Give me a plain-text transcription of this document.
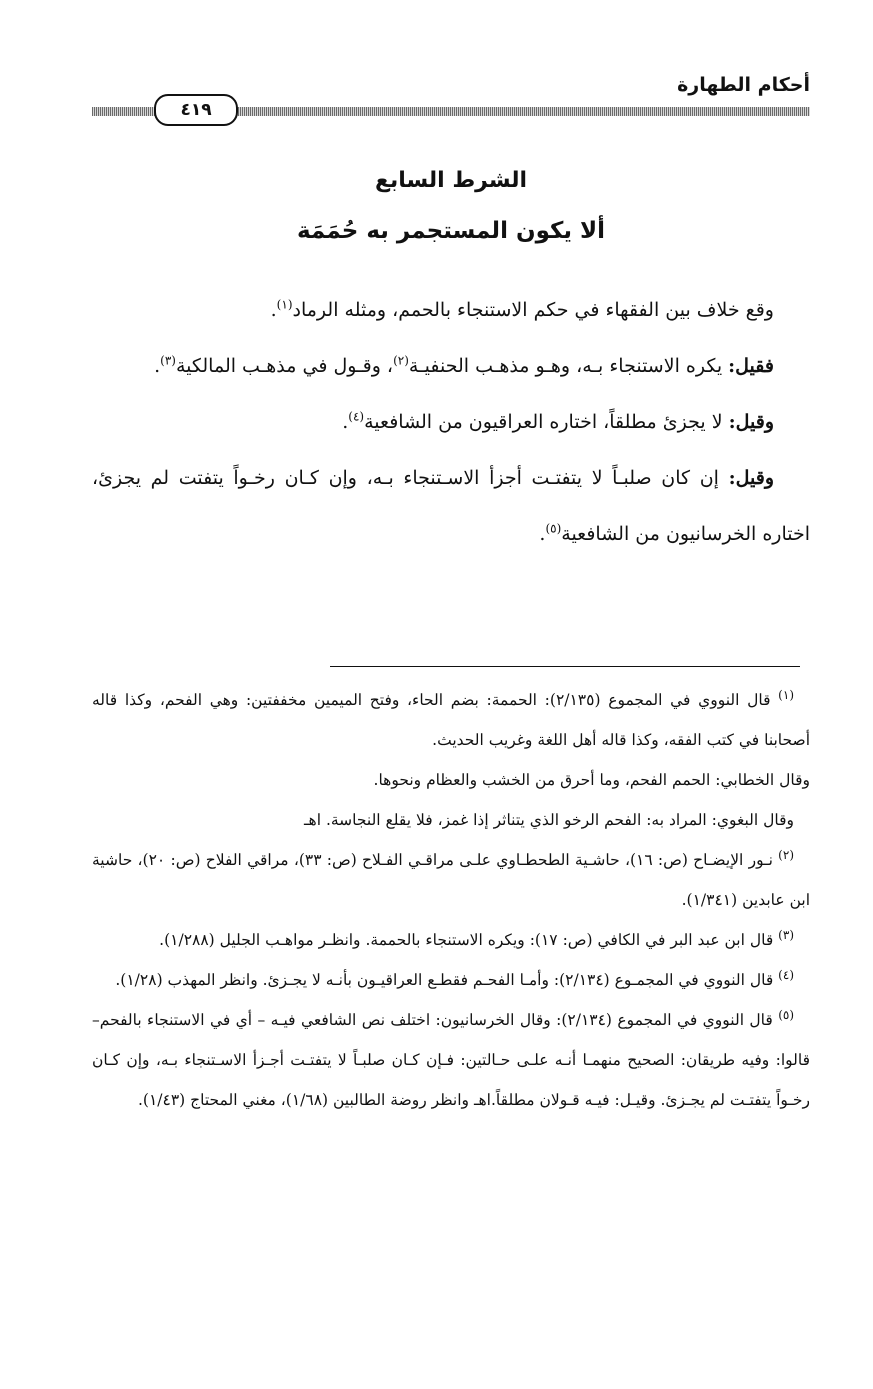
أحكام الطهارة
٤١٩
الشرط السابع
ألا يكون المستجمر به حُمَمَة

وقع خلاف بين الفقهاء في حكم الاستنجاء بالحمم، ومثله الرماد$^{(١)}$.

فقيل: يكره الاستنجاء بـه، وهـو مذهـب الحنفيـة$^{(٢)}$، وقـول في مذهـب المالكية$^{(٣)}$.

وقيل: لا يجزئ مطلقاً، اختاره العراقيون من الشافعية$^{(٤)}$.

وقيل: إن كان صلبـاً لا يتفتـت أجزأ الاسـتنجاء بـه، وإن كـان رخـواً يتفتت لم يجزئ، اختاره الخرسانيون من الشافعية$^{(٥)}$.

$^{(١)}$ قال النووي في المجموع (٢/١٣٥): الحممة: بضم الحاء، وفتح الميمين مخففتين: وهي الفحم، وكذا قاله أصحابنا في كتب الفقه، وكذا قاله أهل اللغة وغريب الحديث.

وقال الخطابي: الحمم الفحم، وما أحرق من الخشب والعظام ونحوها.

وقال البغوي: المراد به: الفحم الرخو الذي يتناثر إذا غمز، فلا يقلع النجاسة. اهـ

$^{(٢)}$ نـور الإيضـاح (ص: ١٦)، حاشـية الطحطـاوي علـى مراقـي الفـلاح (ص: ٣٣)، مراقي الفلاح (ص: ٢٠)، حاشية ابن عابدين (١/٣٤١).

$^{(٣)}$ قال ابن عبد البر في الكافي (ص: ١٧): ويكره الاستنجاء بالحممة. وانظـر مواهـب الجليل (١/٢٨٨).

$^{(٤)}$ قال النووي في المجمـوع (٢/١٣٤): وأمـا الفحـم فقطـع العراقيـون بأنـه لا يجـزئ. وانظر المهذب (١/٢٨).

$^{(٥)}$ قال النووي في المجموع (٢/١٣٤): وقال الخرسانيون: اختلف نص الشافعي فيـه – أي في الاستنجاء بالفحم– قالوا: وفيه طريقان: الصحيح منهمـا أنـه علـى حـالتين: فـإن كـان صلبـاً لا يتفتـت أجـزأ الاسـتنجاء بـه، وإن كـان رخـواً يتفتـت لم يجـزئ. وقيـل: فيـه قـولان مطلقاً.اهـ وانظر روضة الطالبين (١/٦٨)، مغني المحتاج (١/٤٣).
